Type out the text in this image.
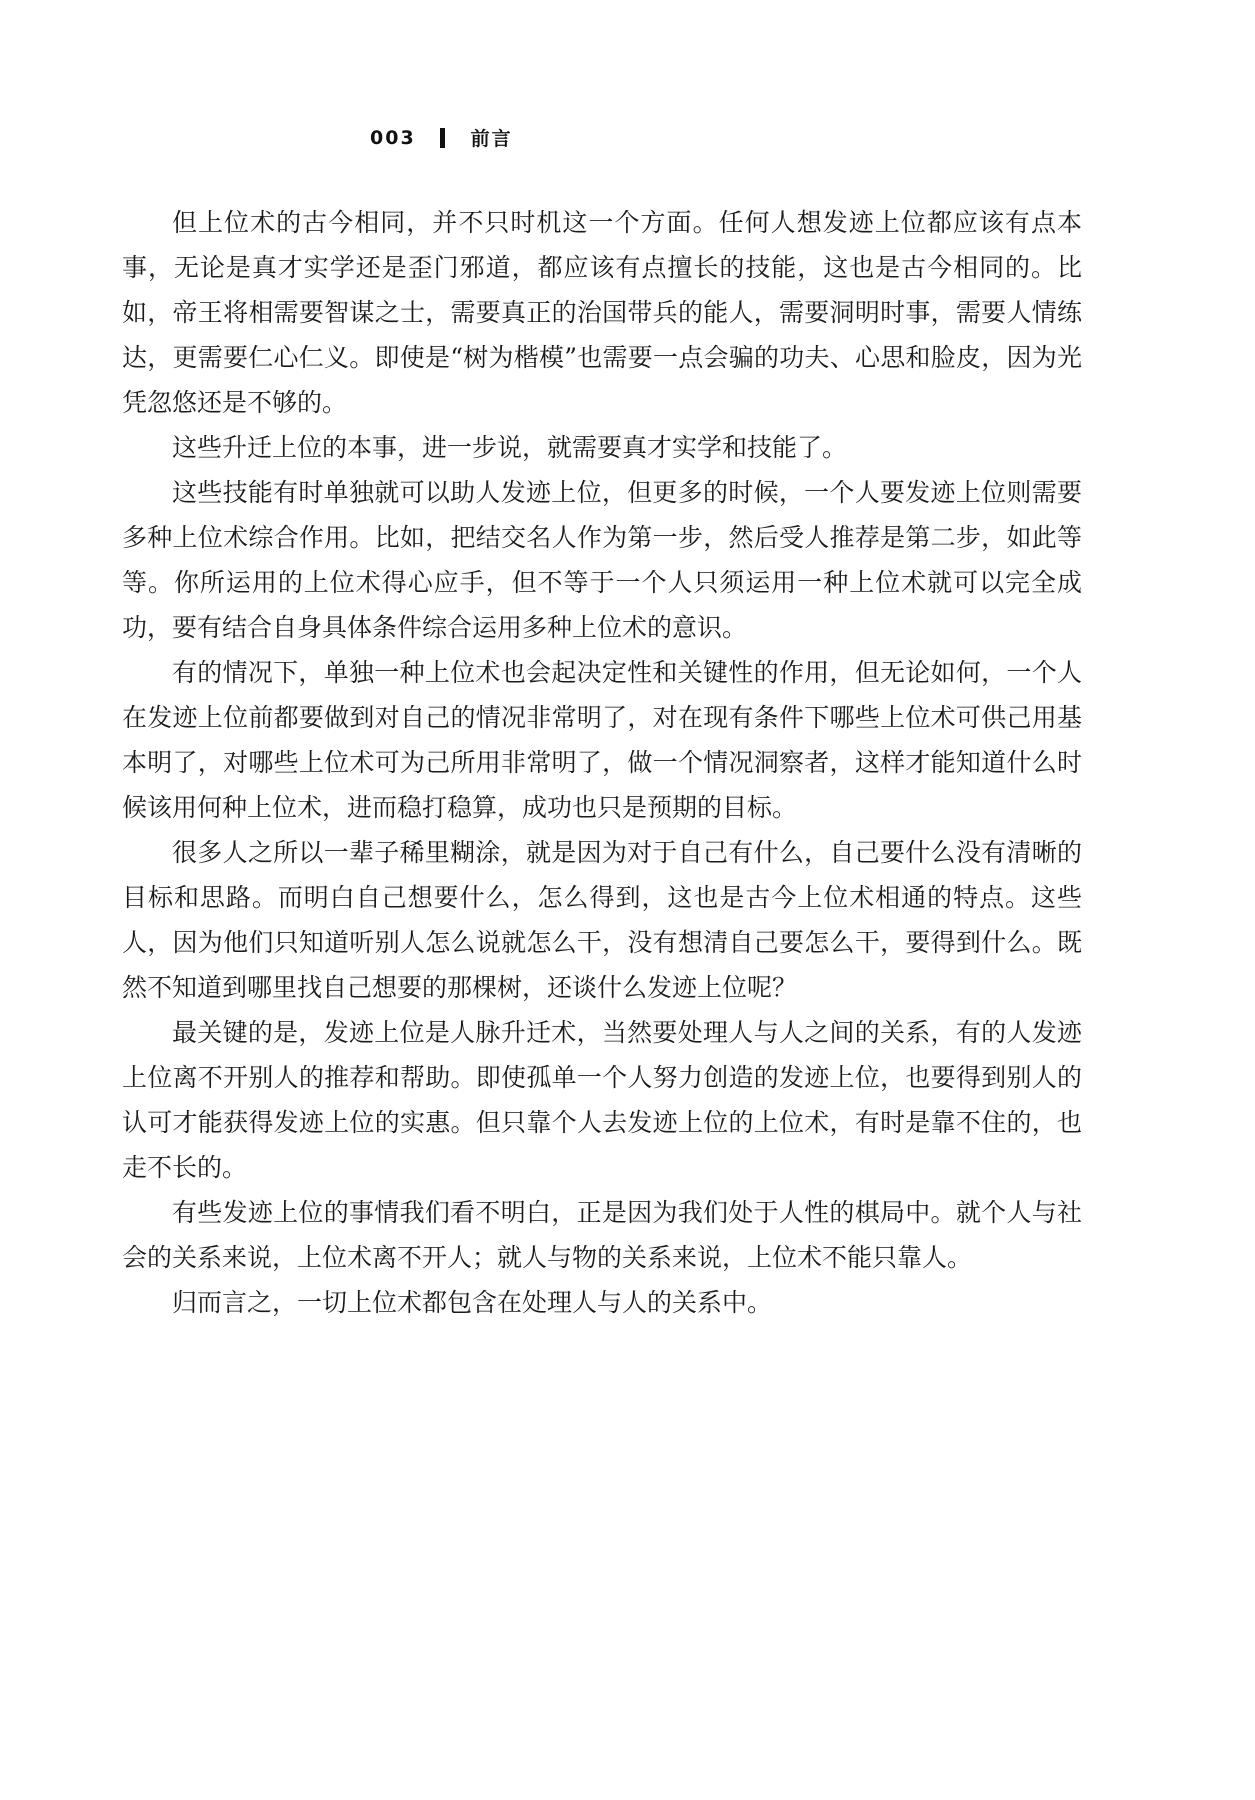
003	前言

但上位术的古今相同，并不只时机这一个方面。任何人想发迹上位都应该有点本事，无论是真才实学还是歪门邪道，都应该有点擅长的技能，这也是古今相同的。比如，帝王将相需要智谋之士，需要真正的治国带兵的能人，需要洞明时事，需要人情练达，更需要仁心仁义。即使是“树为楷模”也需要一点会骗的功夫、心思和脸皮，因为光凭忽悠还是不够的。

这些升迁上位的本事，进一步说，就需要真才实学和技能了。

这些技能有时单独就可以助人发迹上位，但更多的时候，一个人要发迹上位则需要多种上位术综合作用。比如，把结交名人作为第一步，然后受人推荐是第二步，如此等等。你所运用的上位术得心应手，但不等于一个人只须运用一种上位术就可以完全成功，要有结合自身具体条件综合运用多种上位术的意识。

有的情况下，单独一种上位术也会起决定性和关键性的作用，但无论如何，一个人在发迹上位前都要做到对自己的情况非常明了，对在现有条件下哪些上位术可供己用基本明了，对哪些上位术可为己所用非常明了，做一个情况洞察者，这样才能知道什么时候该用何种上位术，进而稳打稳算，成功也只是预期的目标。

很多人之所以一辈子稀里糊涂，就是因为对于自己有什么，自己要什么没有清晰的目标和思路。而明白自己想要什么，怎么得到，这也是古今上位术相通的特点。这些人，因为他们只知道听别人怎么说就怎么干，没有想清自己要怎么干，要得到什么。既然不知道到哪里找自己想要的那棵树，还谈什么发迹上位呢？

最关键的是，发迹上位是人脉升迁术，当然要处理人与人之间的关系，有的人发迹上位离不开别人的推荐和帮助。即使孤单一个人努力创造的发迹上位，也要得到别人的认可才能获得发迹上位的实惠。但只靠个人去发迹上位的上位术，有时是靠不住的，也走不长的。

有些发迹上位的事情我们看不明白，正是因为我们处于人性的棋局中。就个人与社会的关系来说，上位术离不开人；就人与物的关系来说，上位术不能只靠人。

归而言之，一切上位术都包含在处理人与人的关系中。
